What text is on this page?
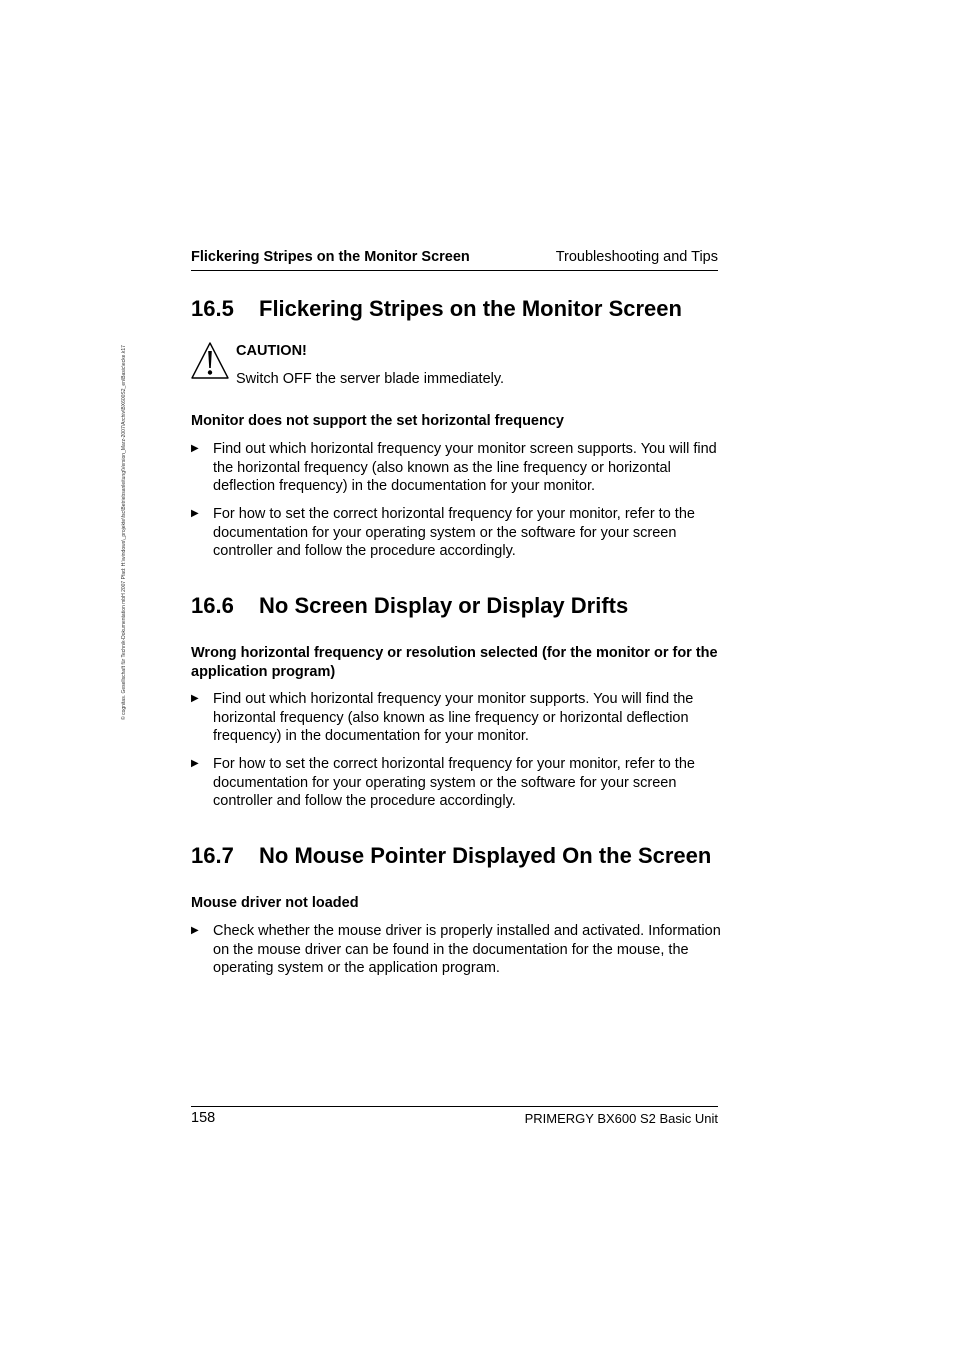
© cognitas. Gesellschaft für Technik-Dokumentation mbH 2007 Pfad: H:\windows\_projekte\fsc\Betriebsanleitung\Version_Marz-2007\Archiv\BX600S2_en\Basic\ecke.k17
Flickering Stripes on the Monitor Screen	Troubleshooting and Tips
16.5 Flickering Stripes on the Monitor Screen
CAUTION!
Switch OFF the server blade immediately.
Monitor does not support the set horizontal frequency
▶ Find out which horizontal frequency your monitor screen supports. You will find the horizontal frequency (also known as the line frequency or horizontal deflection frequency) in the documentation for your monitor.
▶ For how to set the correct horizontal frequency for your monitor, refer to the documentation for your operating system or the software for your screen controller and follow the procedure accordingly.
16.6 No Screen Display or Display Drifts
Wrong horizontal frequency or resolution selected (for the monitor or for the application program)
▶ Find out which horizontal frequency your monitor supports. You will find the horizontal frequency (also known as line frequency or horizontal deflection frequency) in the documentation for your monitor.
▶ For how to set the correct horizontal frequency for your monitor, refer to the documentation for your operating system or the software for your screen controller and follow the procedure accordingly.
16.7 No Mouse Pointer Displayed On the Screen
Mouse driver not loaded
▶ Check whether the mouse driver is properly installed and activated. Information on the mouse driver can be found in the documentation for the mouse, the operating system or the application program.
158	PRIMERGY BX600 S2 Basic Unit
